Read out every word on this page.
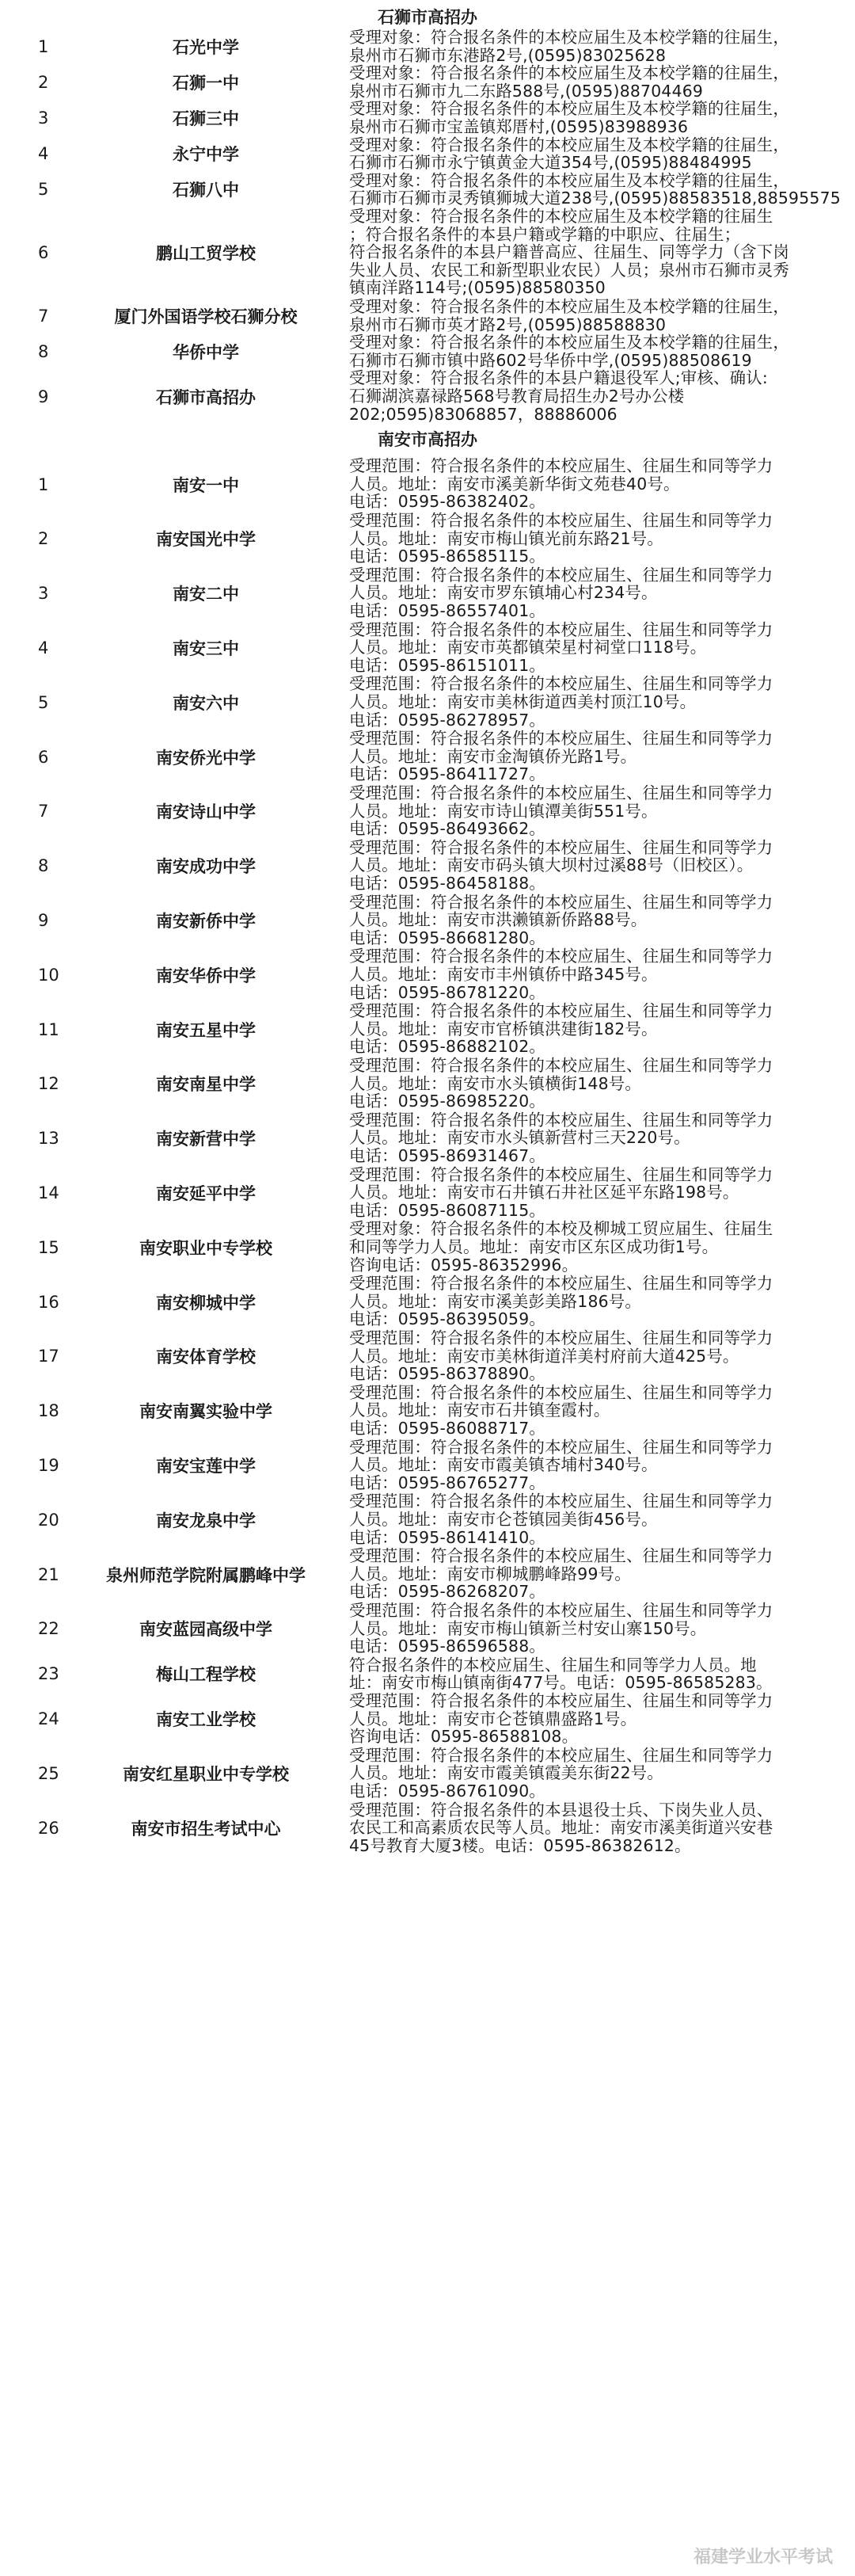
石狮市高招办
1	石光中学
受理对象：符合报名条件的本校应届生及本校学籍的往届生，
泉州市石狮市东港路2号,(0595)83025628
2	石狮一中
受理对象：符合报名条件的本校应届生及本校学籍的往届生，
泉州市石狮市九二东路588号,(0595)88704469
3	石狮三中
受理对象：符合报名条件的本校应届生及本校学籍的往届生，
泉州市石狮市宝盖镇郑厝村,(0595)83988936
4	永宁中学
受理对象：符合报名条件的本校应届生及本校学籍的往届生，
石狮市石狮市永宁镇黄金大道354号,(0595)88484995
5	石狮八中
受理对象：符合报名条件的本校应届生及本校学籍的往届生，
石狮市石狮市灵秀镇狮城大道238号,(0595)88583518,88595575
6	鹏山工贸学校
受理对象：符合报名条件的本校应届生及本校学籍的往届生
；符合报名条件的本县户籍或学籍的中职应、往届生；
符合报名条件的本县户籍普高应、往届生、同等学力（含下岗
失业人员、农民工和新型职业农民）人员；泉州市石狮市灵秀
镇南洋路114号;(0595)88580350
7	厦门外国语学校石狮分校
受理对象：符合报名条件的本校应届生及本校学籍的往届生，
泉州市石狮市英才路2号,(0595)88588830
8	华侨中学
受理对象：符合报名条件的本校应届生及本校学籍的往届生，
石狮市石狮市镇中路602号华侨中学,(0595)88508619
9	石狮市高招办
受理对象：符合报名条件的本县户籍退役军人;审核、确认:
石狮湖滨嘉禄路568号教育局招生办2号办公楼
202;0595)83068857，88886006
南安市高招办
1	南安一中
受理范围：符合报名条件的本校应届生、往届生和同等学力
人员。地址：南安市溪美新华街文苑巷40号。
电话：0595-86382402。
2	南安国光中学
受理范围：符合报名条件的本校应届生、往届生和同等学力
人员。地址：南安市梅山镇光前东路21号。
电话：0595-86585115。
3	南安二中
受理范围：符合报名条件的本校应届生、往届生和同等学力
人员。地址：南安市罗东镇埔心村234号。
电话：0595-86557401。
4	南安三中
受理范围：符合报名条件的本校应届生、往届生和同等学力
人员。地址：南安市英都镇荣星村祠堂口118号。
电话：0595-86151011。
5	南安六中
受理范围：符合报名条件的本校应届生、往届生和同等学力
人员。地址：南安市美林街道西美村顶江10号。
电话：0595-86278957。
6	南安侨光中学
受理范围：符合报名条件的本校应届生、往届生和同等学力
人员。地址：南安市金淘镇侨光路1号。
电话：0595-86411727。
7	南安诗山中学
受理范围：符合报名条件的本校应届生、往届生和同等学力
人员。地址：南安市诗山镇潭美街551号。
电话：0595-86493662。
8	南安成功中学
受理范围：符合报名条件的本校应届生、往届生和同等学力
人员。地址：南安市码头镇大坝村过溪88号（旧校区）。
电话：0595-86458188。
9	南安新侨中学
受理范围：符合报名条件的本校应届生、往届生和同等学力
人员。地址：南安市洪濑镇新侨路88号。
电话：0595-86681280。
10	南安华侨中学
受理范围：符合报名条件的本校应届生、往届生和同等学力
人员。地址：南安市丰州镇侨中路345号。
电话：0595-86781220。
11	南安五星中学
受理范围：符合报名条件的本校应届生、往届生和同等学力
人员。地址：南安市官桥镇洪建街182号。
电话：0595-86882102。
12	南安南星中学
受理范围：符合报名条件的本校应届生、往届生和同等学力
人员。地址：南安市水头镇横街148号。
电话：0595-86985220。
13	南安新营中学
受理范围：符合报名条件的本校应届生、往届生和同等学力
人员。地址：南安市水头镇新营村三天220号。
电话：0595-86931467。
14	南安延平中学
受理范围：符合报名条件的本校应届生、往届生和同等学力
人员。地址：南安市石井镇石井社区延平东路198号。
电话：0595-86087115。
15	南安职业中专学校
受理对象：符合报名条件的本校及柳城工贸应届生、往届生
和同等学力人员。地址：南安市区东区成功街1号。
咨询电话：0595-86352996。
16	南安柳城中学
受理范围：符合报名条件的本校应届生、往届生和同等学力
人员。地址：南安市溪美彭美路186号。
电话：0595-86395059。
17	南安体育学校
受理范围：符合报名条件的本校应届生、往届生和同等学力
人员。地址：南安市美林街道洋美村府前大道425号。
电话：0595-86378890。
18	南安南翼实验中学
受理范围：符合报名条件的本校应届生、往届生和同等学力
人员。地址：南安市石井镇奎霞村。
电话：0595-86088717。
19	南安宝莲中学
受理范围：符合报名条件的本校应届生、往届生和同等学力
人员。地址：南安市霞美镇杏埔村340号。
电话：0595-86765277。
20	南安龙泉中学
受理范围：符合报名条件的本校应届生、往届生和同等学力
人员。地址：南安市仑苍镇园美街456号。
电话：0595-86141410。
21	泉州师范学院附属鹏峰中学
受理范围：符合报名条件的本校应届生、往届生和同等学力
人员。地址：南安市柳城鹏峰路99号。
电话：0595-86268207。
22	南安蓝园高级中学
受理范围：符合报名条件的本校应届生、往届生和同等学力
人员。地址：南安市梅山镇新兰村安山寨150号。
电话：0595-86596588。
23	梅山工程学校
符合报名条件的本校应届生、往届生和同等学力人员。地
址：南安市梅山镇南街477号。电话：0595-86585283。
24	南安工业学校
受理范围：符合报名条件的本校应届生、往届生和同等学力
人员。地址：南安市仑苍镇鼎盛路1号。
咨询电话：0595-86588108。
25	南安红星职业中专学校
受理范围：符合报名条件的本校应届生、往届生和同等学力
人员。地址：南安市霞美镇霞美东街22号。
电话：0595-86761090。
26	南安市招生考试中心
受理范围：符合报名条件的本县退役士兵、下岗失业人员、
农民工和高素质农民等人员。地址：南安市溪美街道兴安巷
45号教育大厦3楼。电话：0595-86382612。
福建学业水平考试
